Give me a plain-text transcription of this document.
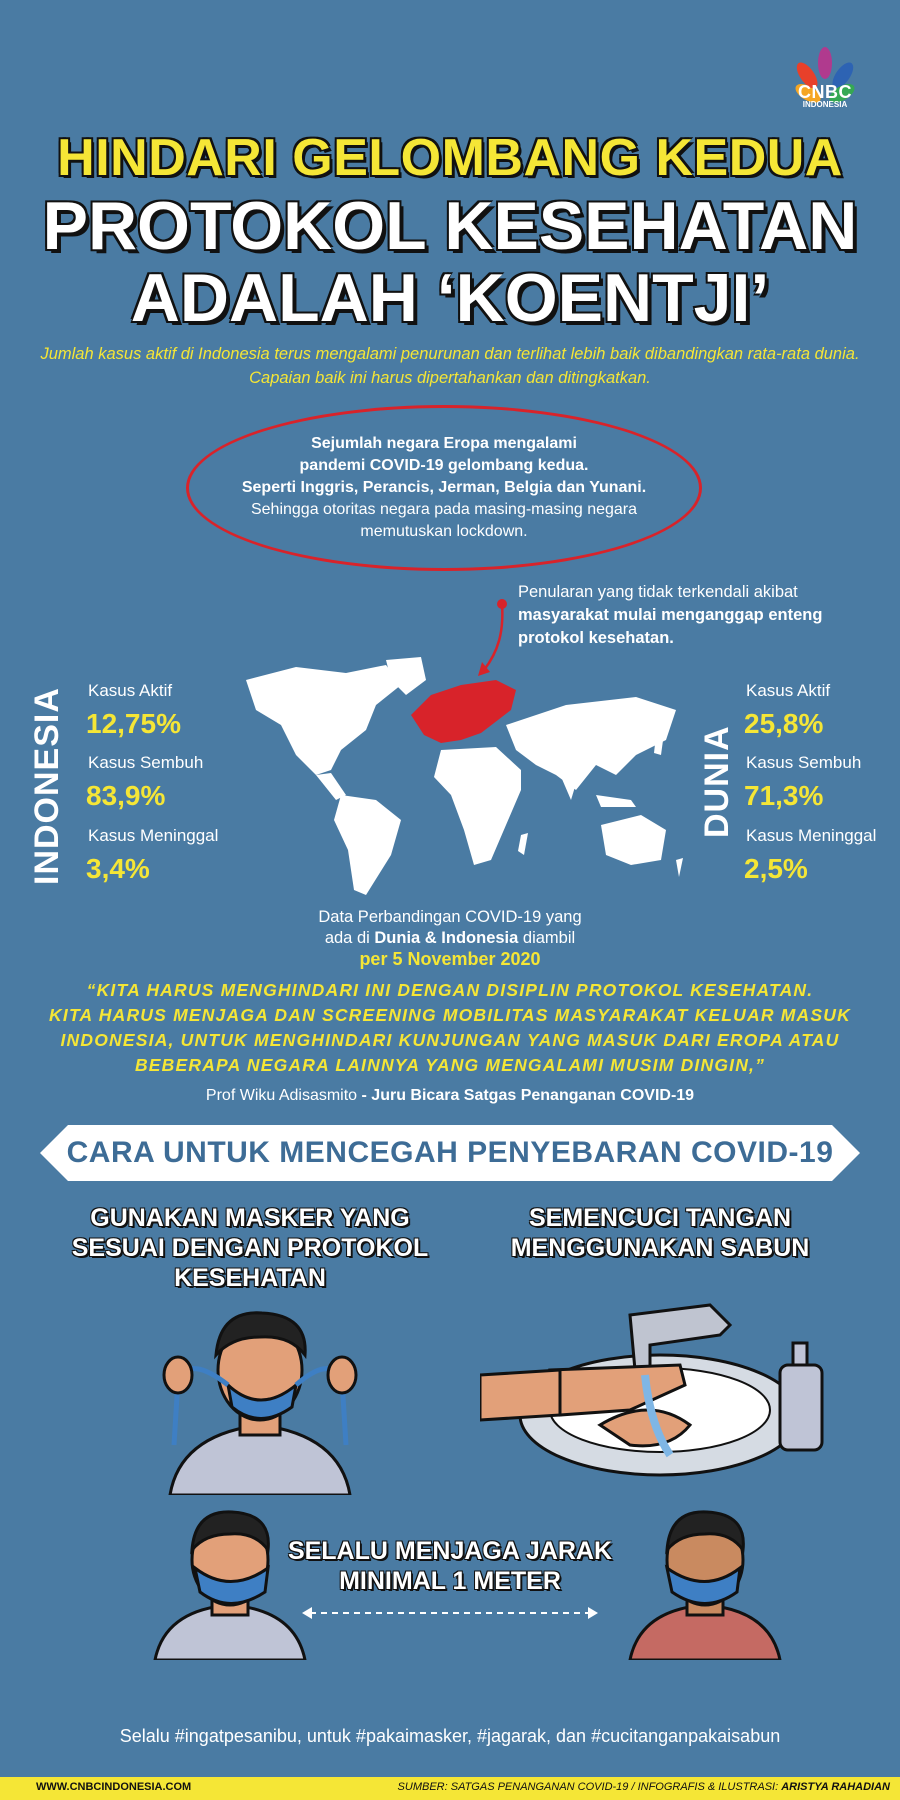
CNBC
INDONESIA
HINDARI GELOMBANG KEDUA
PROTOKOL KESEHATAN
ADALAH ‘KOENTJI’
Jumlah kasus aktif di Indonesia terus mengalami penurunan dan terlihat lebih baik dibandingkan rata-rata dunia. Capaian baik ini harus dipertahankan dan ditingkatkan.
Sejumlah negara Eropa mengalami
pandemi COVID-19 gelombang kedua.
Seperti Inggris, Perancis, Jerman, Belgia dan Yunani.
Sehingga otoritas negara pada masing-masing negara
memutuskan lockdown.
Penularan yang tidak terkendali akibat
masyarakat mulai menganggap enteng
protokol kesehatan.
INDONESIA Kasus Aktif
12,75%
Kasus Sembuh
83,9%
Kasus Meninggal
3,4%
DUNIA
Kasus Aktif
25,8%
Kasus Sembuh
71,3%
Kasus Meninggal
2,5%
Data Perbandingan COVID-19 yang
ada di Dunia & Indonesia diambil
per 5 November 2020
“KITA HARUS MENGHINDARI INI DENGAN DISIPLIN PROTOKOL KESEHATAN.
KITA HARUS MENJAGA DAN SCREENING MOBILITAS MASYARAKAT KELUAR MASUK
INDONESIA, UNTUK MENGHINDARI KUNJUNGAN YANG MASUK DARI EROPA ATAU
BEBERAPA NEGARA LAINNYA YANG MENGALAMI MUSIM DINGIN,”
Prof Wiku Adisasmito - Juru Bicara Satgas Penanganan COVID-19
CARA UNTUK MENCEGAH PENYEBARAN COVID-19
GUNAKAN MASKER YANG
SESUAI DENGAN PROTOKOL
KESEHATAN
SEMENCUCI TANGAN
MENGGUNAKAN SABUN
SELALU MENJAGA JARAK
MINIMAL 1 METER
Selalu #ingatpesanibu, untuk #pakaimasker, #jagarak, dan #cucitanganpakaisabun
WWW.CNBCINDONESIA.COM	SUMBER: SATGAS PENANGANAN COVID-19 / INFOGRAFIS & ILUSTRASI: ARISTYA RAHADIAN
